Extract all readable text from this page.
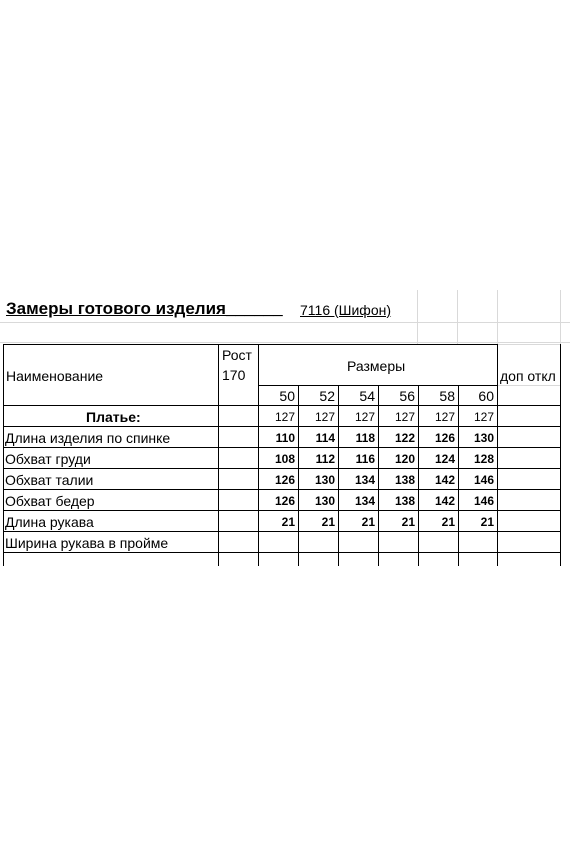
Замеры готового изделия______ 7116 (Шифон)
Наименование
Рост
170
Размеры
доп откл
50	52	54	56	58	60
Платье:	127	127	127	127	127	127
Длина изделия по спинке	110	114	118	122	126	130
Обхват груди	108	112	116	120	124	128
Обхват талии	126	130	134	138	142	146
Обхват бедер	126	130	134	138	142	146
Длина рукава	21	21	21	21	21	21
Ширина рукава в пройме
